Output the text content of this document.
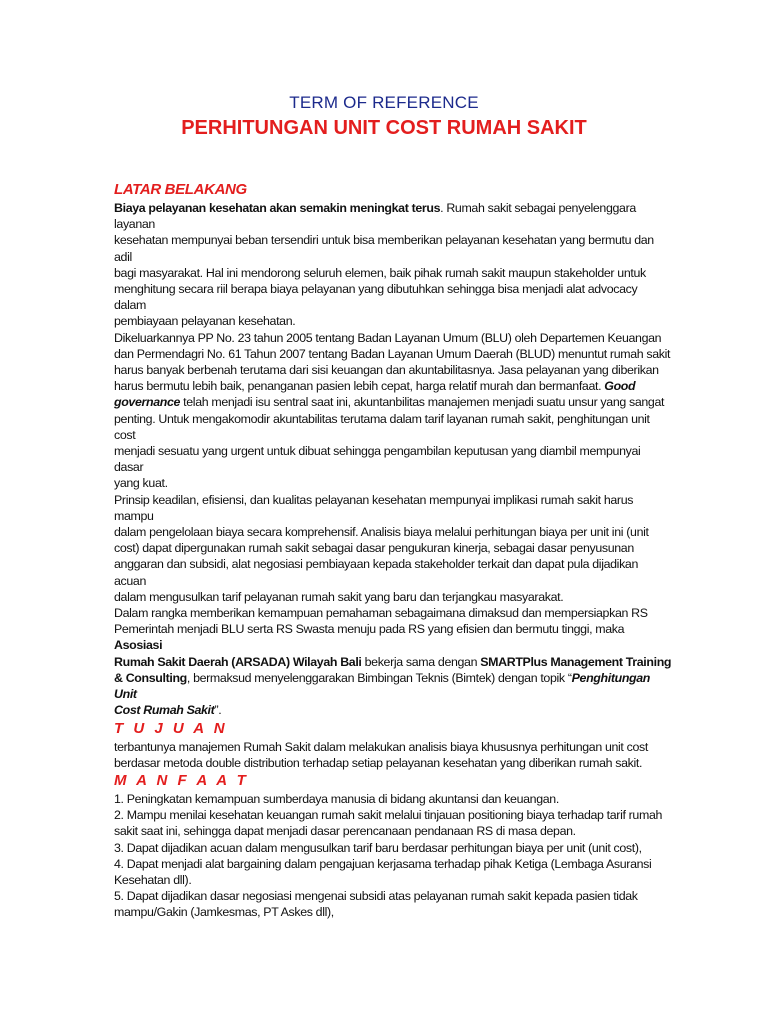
TERM OF REFERENCE
PERHITUNGAN UNIT COST RUMAH SAKIT
LATAR BELAKANG
Biaya pelayanan kesehatan akan semakin meningkat terus. Rumah sakit sebagai penyelenggara
layanan
kesehatan mempunyai beban tersendiri untuk bisa memberikan pelayanan kesehatan yang bermutu dan
adil
bagi masyarakat. Hal ini mendorong seluruh elemen, baik pihak rumah sakit maupun stakeholder untuk
menghitung secara riil berapa biaya pelayanan yang dibutuhkan sehingga bisa menjadi alat advocacy
dalam
pembiayaan pelayanan kesehatan.
Dikeluarkannya PP No. 23 tahun 2005 tentang Badan Layanan Umum (BLU) oleh Departemen Keuangan
dan Permendagri No. 61 Tahun 2007 tentang Badan Layanan Umum Daerah (BLUD) menuntut rumah sakit
harus banyak berbenah terutama dari sisi keuangan dan akuntabilitasnya. Jasa pelayanan yang diberikan
harus bermutu lebih baik, penanganan pasien lebih cepat, harga relatif murah dan bermanfaat. Good
governance telah menjadi isu sentral saat ini, akuntanbilitas manajemen menjadi suatu unsur yang sangat
penting. Untuk mengakomodir akuntabilitas terutama dalam tarif layanan rumah sakit, penghitungan unit
cost
menjadi sesuatu yang urgent untuk dibuat sehingga pengambilan keputusan yang diambil mempunyai
dasar
yang kuat.
Prinsip keadilan, efisiensi, dan kualitas pelayanan kesehatan mempunyai implikasi rumah sakit harus
mampu
dalam pengelolaan biaya secara komprehensif. Analisis biaya melalui perhitungan biaya per unit ini (unit
cost) dapat dipergunakan rumah sakit sebagai dasar pengukuran kinerja, sebagai dasar penyusunan
anggaran dan subsidi, alat negosiasi pembiayaan kepada stakeholder terkait dan dapat pula dijadikan
acuan
dalam mengusulkan tarif pelayanan rumah sakit yang baru dan terjangkau masyarakat.
Dalam rangka memberikan kemampuan pemahaman sebagaimana dimaksud dan mempersiapkan RS
Pemerintah menjadi BLU serta RS Swasta menuju pada RS yang efisien dan bermutu tinggi, maka
Asosiasi
Rumah Sakit Daerah (ARSADA) Wilayah Bali bekerja sama dengan SMARTPlus Management Training
& Consulting, bermaksud menyelenggarakan Bimbingan Teknis (Bimtek) dengan topik “Penghitungan
Unit
Cost Rumah Sakit”.
T U J U A N
terbantunya manajemen Rumah Sakit dalam melakukan analisis biaya khususnya perhitungan unit cost
berdasar metoda double distribution terhadap setiap pelayanan kesehatan yang diberikan rumah sakit.
M A N F A A T
1. Peningkatan kemampuan sumberdaya manusia di bidang akuntansi dan keuangan.
2. Mampu menilai kesehatan keuangan rumah sakit melalui tinjauan positioning biaya terhadap tarif rumah
sakit saat ini, sehingga dapat menjadi dasar perencanaan pendanaan RS di masa depan.
3. Dapat dijadikan acuan dalam mengusulkan tarif baru berdasar perhitungan biaya per unit (unit cost),
4. Dapat menjadi alat bargaining dalam pengajuan kerjasama terhadap pihak Ketiga (Lembaga Asuransi
Kesehatan dll).
5. Dapat dijadikan dasar negosiasi mengenai subsidi atas pelayanan rumah sakit kepada pasien tidak
mampu/Gakin (Jamkesmas, PT Askes dll),
